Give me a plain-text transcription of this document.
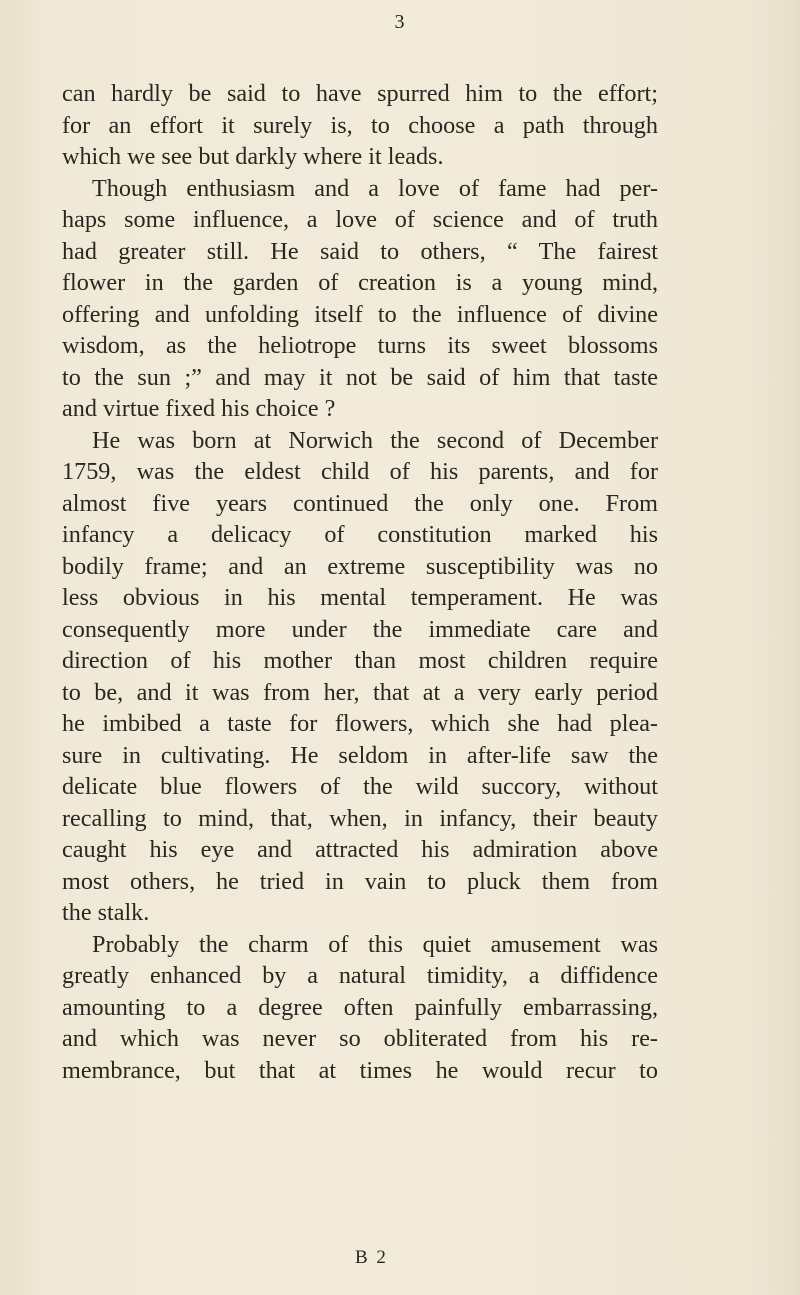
3
can hardly be said to have spurred him to the effort;
for an effort it surely is, to choose a path through
which we see but darkly where it leads.
Though enthusiasm and a love of fame had per-
haps some influence, a love of science and of truth
had greater still. He said to others, “ The fairest
flower in the garden of creation is a young mind,
offering and unfolding itself to the influence of divine
wisdom, as the heliotrope turns its sweet blossoms
to the sun ;” and may it not be said of him that taste
and virtue fixed his choice ?
He was born at Norwich the second of December
1759, was the eldest child of his parents, and for
almost five years continued the only one. From
infancy a delicacy of constitution marked his
bodily frame; and an extreme susceptibility was no
less obvious in his mental temperament. He was
consequently more under the immediate care and
direction of his mother than most children require
to be, and it was from her, that at a very early period
he imbibed a taste for flowers, which she had plea-
sure in cultivating. He seldom in after-life saw the
delicate blue flowers of the wild succory, without
recalling to mind, that, when, in infancy, their beauty
caught his eye and attracted his admiration above
most others, he tried in vain to pluck them from
the stalk.
Probably the charm of this quiet amusement was
greatly enhanced by a natural timidity, a diffidence
amounting to a degree often painfully embarrassing,
and which was never so obliterated from his re-
membrance, but that at times he would recur to
B 2
